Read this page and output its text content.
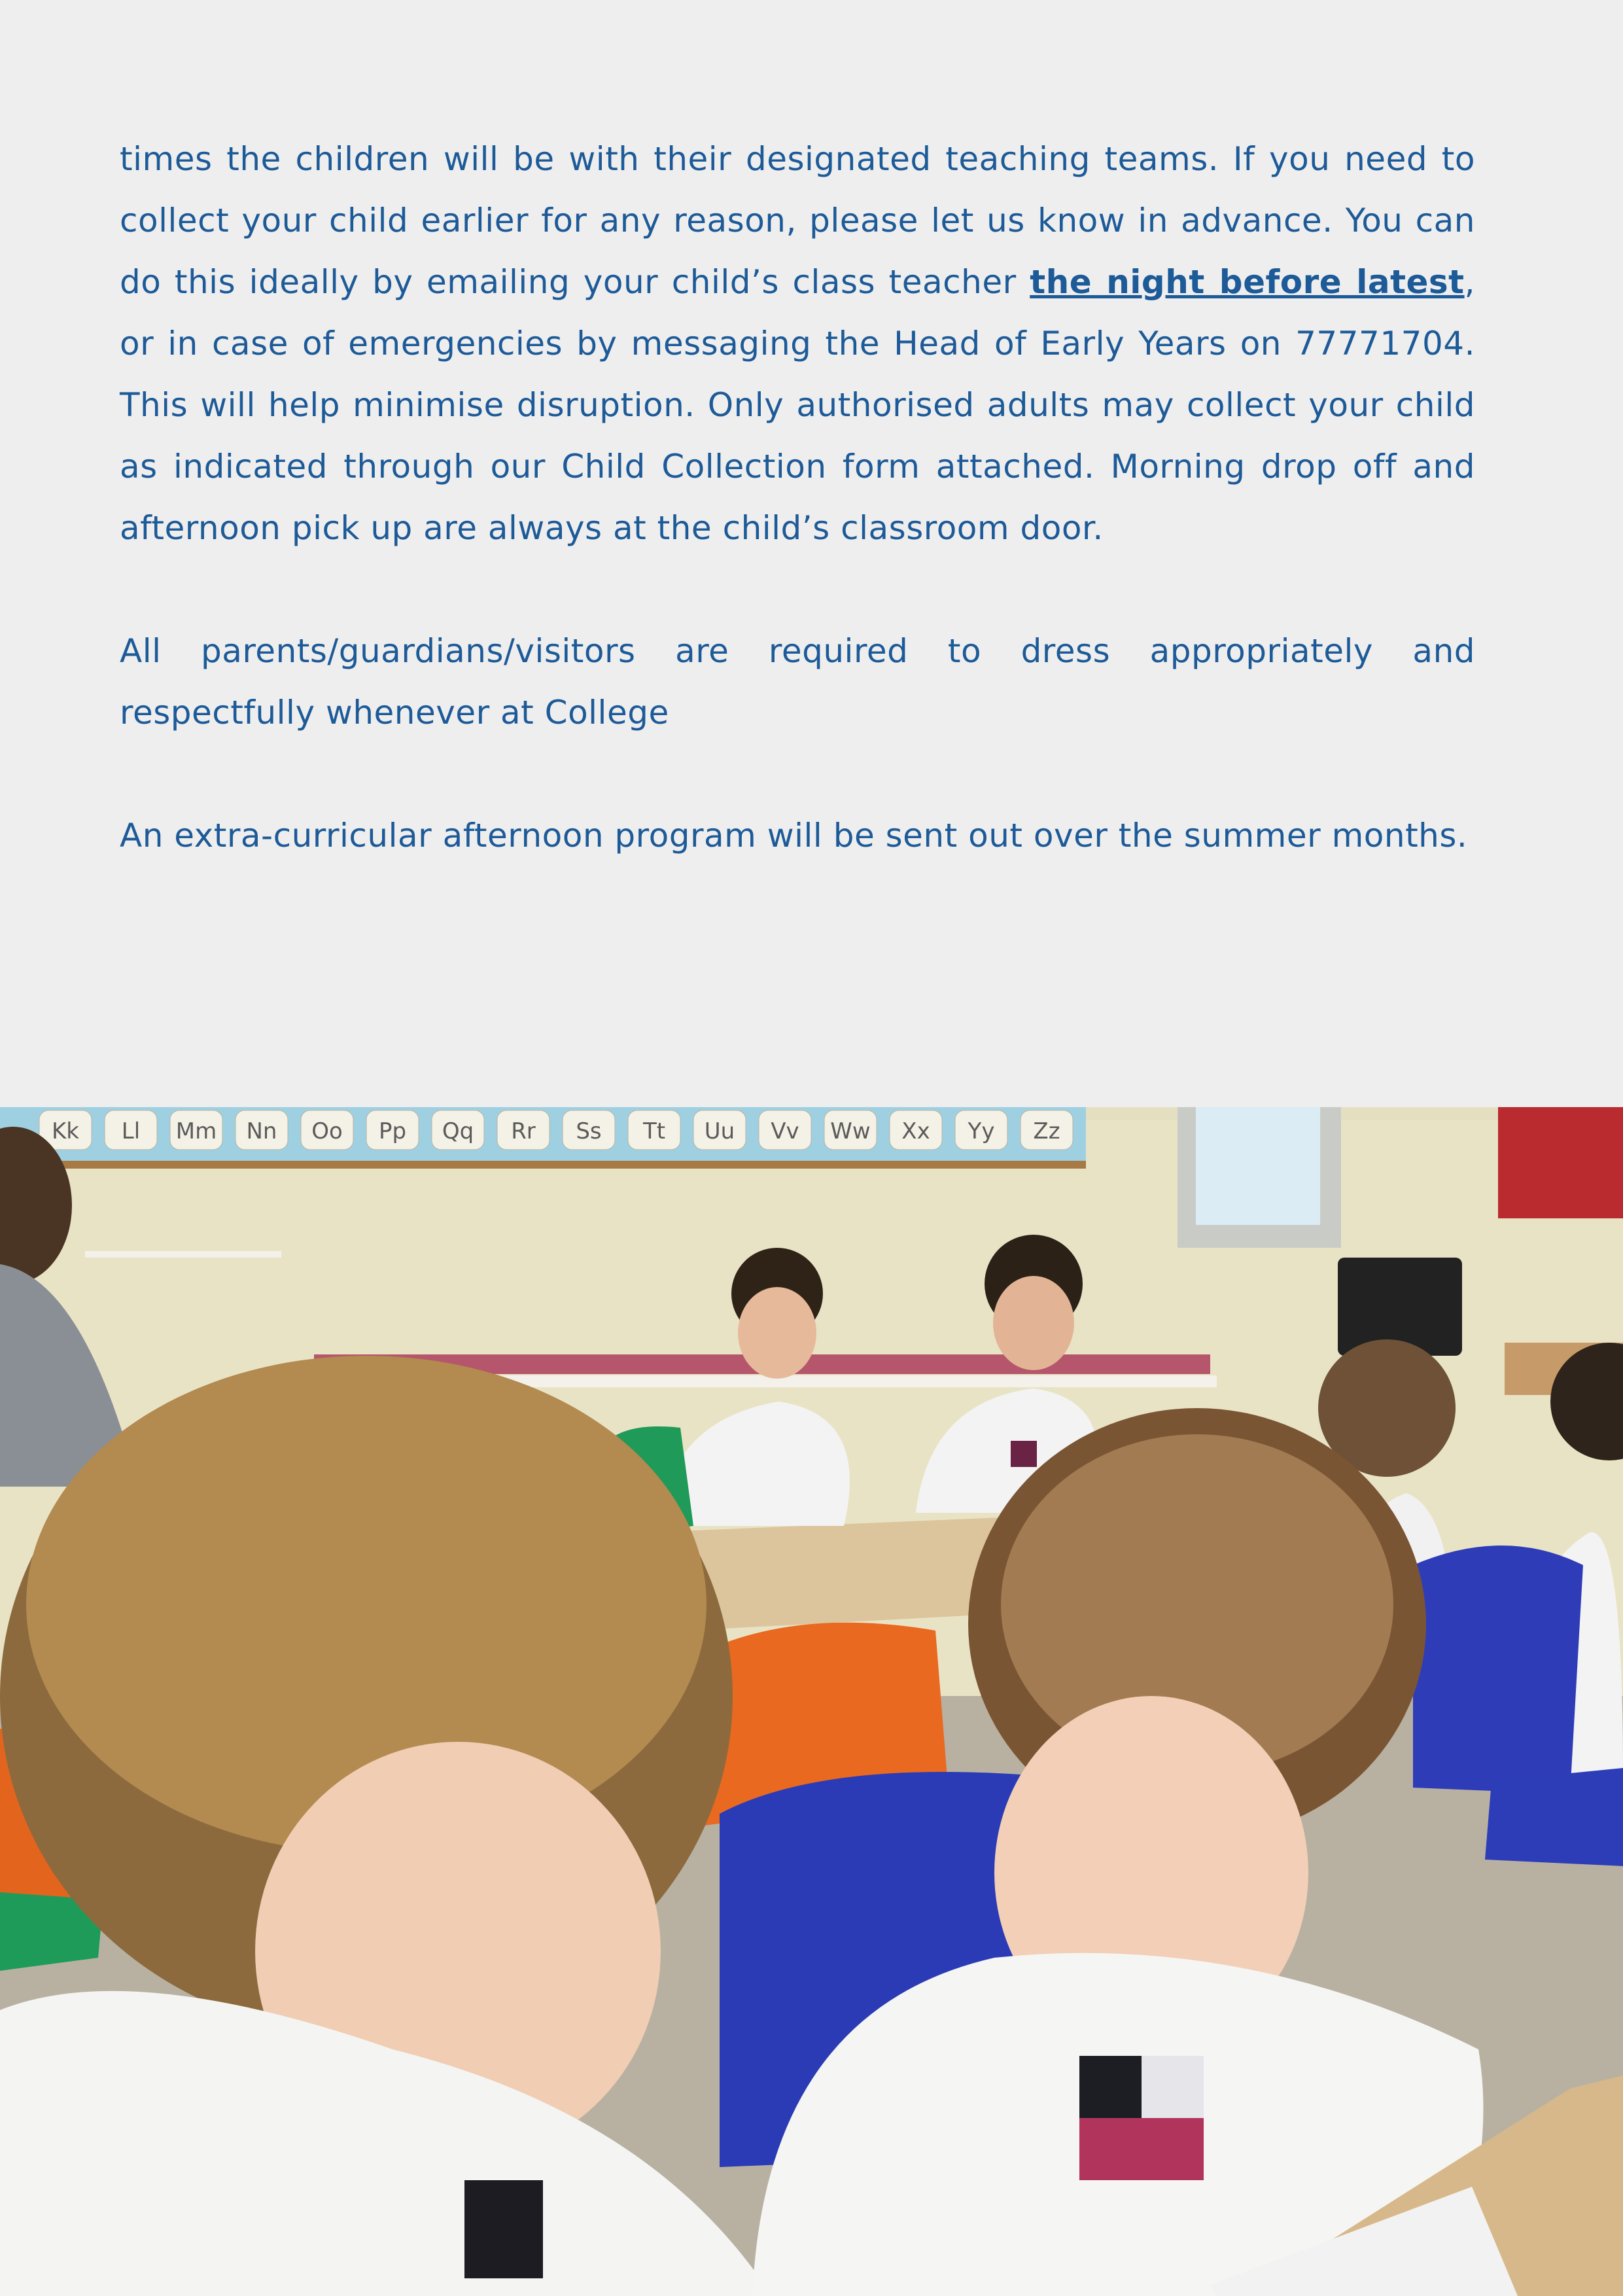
times the children will be with their designated teaching teams. If you need to collect your child earlier for any reason, please let us know in advance. You can do this ideally by emailing your child’s class teacher the night before latest, or in case of emergencies by messaging the Head of Early Years on 77771704. This will help minimise disruption. Only authorised adults may collect your child as indicated through our Child Collection form attached. Morning drop off and afternoon pick up are always at the child’s classroom door.

All parents/guardians/visitors are required to dress appropriately and respectfully whenever at College

An extra-curricular afternoon program will be sent out over the summer months.

Kk Ll Mm Nn Oo Pp Qq Rr Ss Tt Uu Vv Ww Xx Yy Zz
